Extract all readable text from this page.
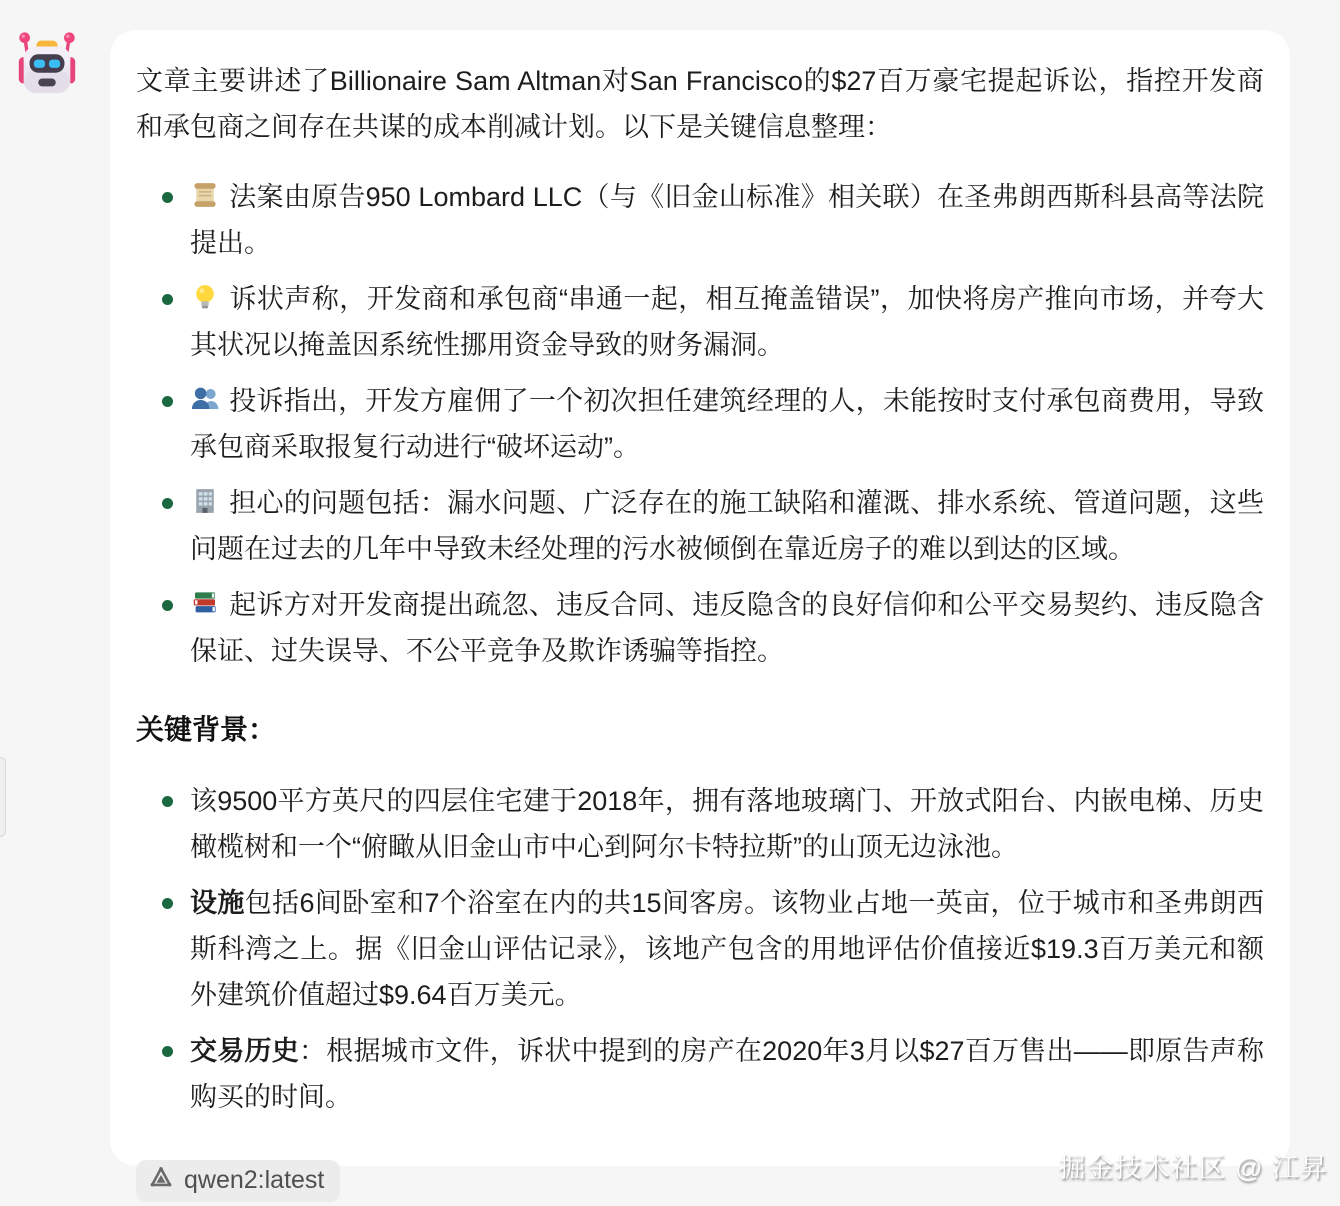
文章主要讲述了Billionaire Sam Altman对San Francisco的$27百万豪宅提起诉讼，指控开发商和承包商之间存在共谋的成本削减计划。以下是关键信息整理：

法案由原告950 Lombard LLC（与《旧金山标准》相关联）在圣弗朗西斯科县高等法院提出。
诉状声称，开发商和承包商“串通一起，相互掩盖错误”，加快将房产推向市场，并夸大其状况以掩盖因系统性挪用资金导致的财务漏洞。
投诉指出，开发方雇佣了一个初次担任建筑经理的人，未能按时支付承包商费用，导致承包商采取报复行动进行“破坏运动”。
担心的问题包括：漏水问题、广泛存在的施工缺陷和灌溉、排水系统、管道问题，这些问题在过去的几年中导致未经处理的污水被倾倒在靠近房子的难以到达的区域。
起诉方对开发商提出疏忽、违反合同、违反隐含的良好信仰和公平交易契约、违反隐含保证、过失误导、不公平竞争及欺诈诱骗等指控。
关键背景：
该9500平方英尺的四层住宅建于2018年，拥有落地玻璃门、开放式阳台、内嵌电梯、历史橄榄树和一个“俯瞰从旧金山市中心到阿尔卡特拉斯”的山顶无边泳池。
设施包括6间卧室和7个浴室在内的共15间客房。该物业占地一英亩，位于城市和圣弗朗西斯科湾之上。据《旧金山评估记录》，该地产包含的用地评估价值接近$19.3百万美元和额外建筑价值超过$9.64百万美元。
交易历史：根据城市文件，诉状中提到的房产在2020年3月以$27百万售出——即原告声称购买的时间。
qwen2:latest	掘金技术社区 @ 江昇
